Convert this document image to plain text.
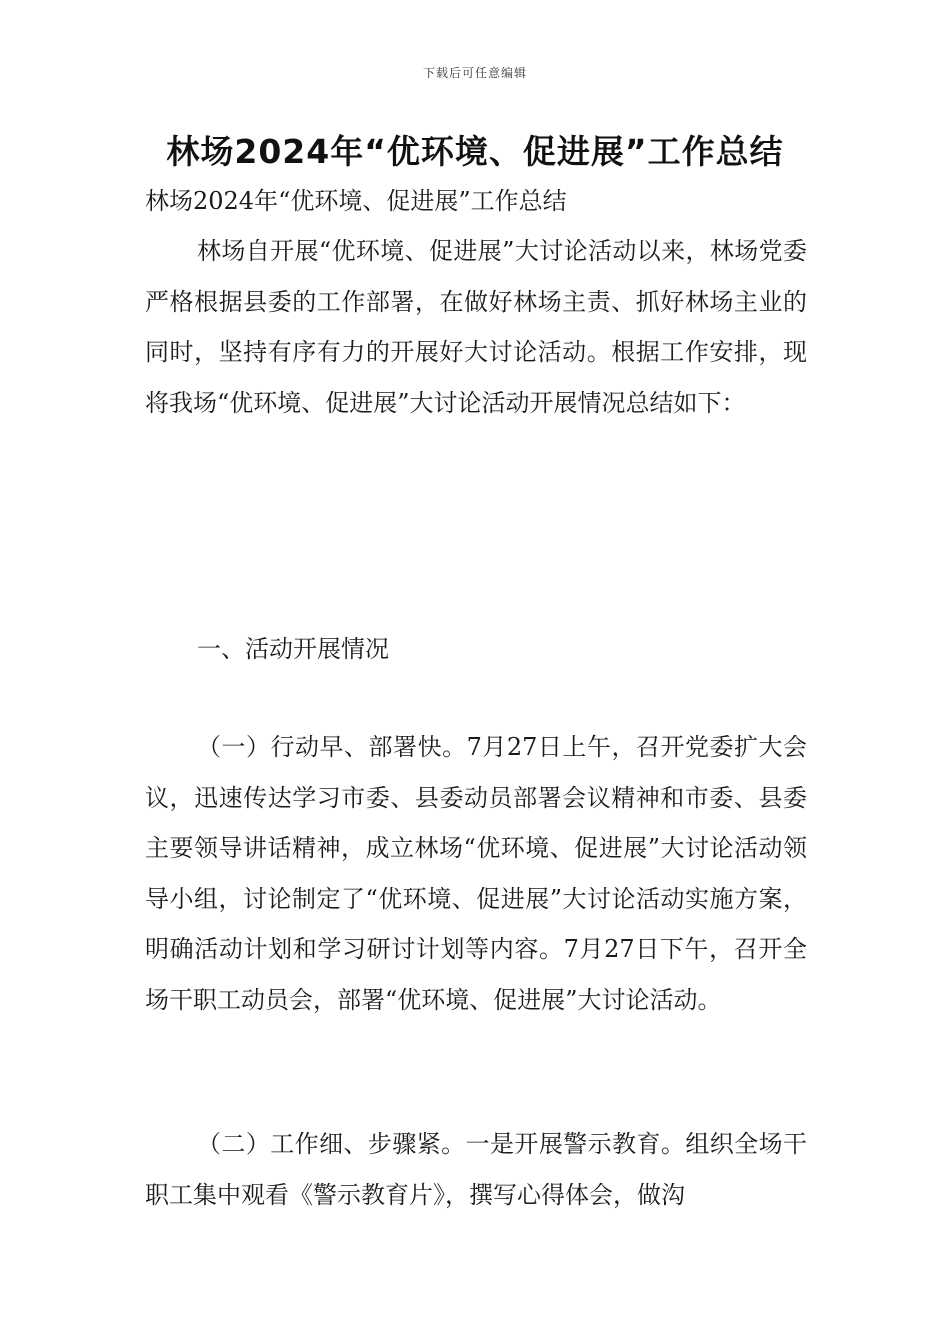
下载后可任意编辑
林场2024年“优环境、促进展”工作总结
林场2024年“优环境、促进展”工作总结
林场自开展“优环境、促进展”大讨论活动以来，林场党委严格根据县委的工作部署，在做好林场主责、抓好林场主业的同时，坚持有序有力的开展好大讨论活动。根据工作安排，现将我场“优环境、促进展”大讨论活动开展情况总结如下：
一、活动开展情况
（一）行动早、部署快。7月27日上午，召开党委扩大会议，迅速传达学习市委、县委动员部署会议精神和市委、县委主要领导讲话精神，成立林场“优环境、促进展”大讨论活动领导小组，讨论制定了“优环境、促进展”大讨论活动实施方案，明确活动计划和学习研讨计划等内容。7月27日下午，召开全场干职工动员会，部署“优环境、促进展”大讨论活动。
（二）工作细、步骤紧。一是开展警示教育。组织全场干职工集中观看《警示教育片》，撰写心得体会，做沟
